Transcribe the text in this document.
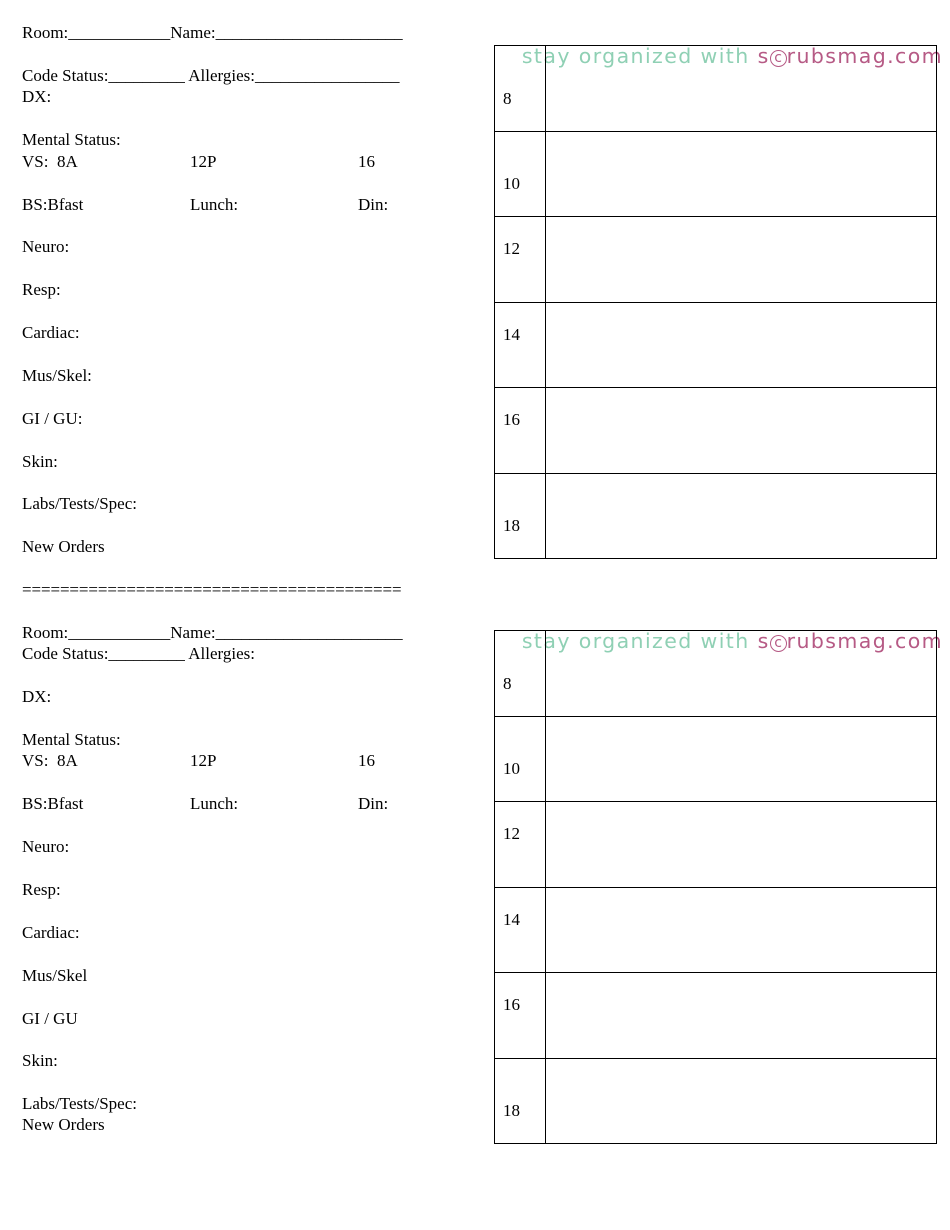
Room:____________Name:______________________
Code Status:_________ Allergies:_________________
DX:
Mental Status:
VS:  8A	12P	16
BS:Bfast	Lunch:	Din:
Neuro:
Resp:
Cardiac:
Mus/Skel:
GI / GU:
Skin:
Labs/Tests/Spec:
New Orders
========================================
Room:____________Name:______________________
Code Status:_________ Allergies:
DX:
Mental Status:
VS:  8A	12P	16
BS:Bfast	Lunch:	Din:
Neuro:
Resp:
Cardiac:
Mus/Skel
GI / GU
Skin:
Labs/Tests/Spec:
New Orders

stay organized with s c rubsmag.com

8	
10	
12	
14	
16	
18	

stay organized with s c rubsmag.com

8	
10	
12	
14	
16	
18	
